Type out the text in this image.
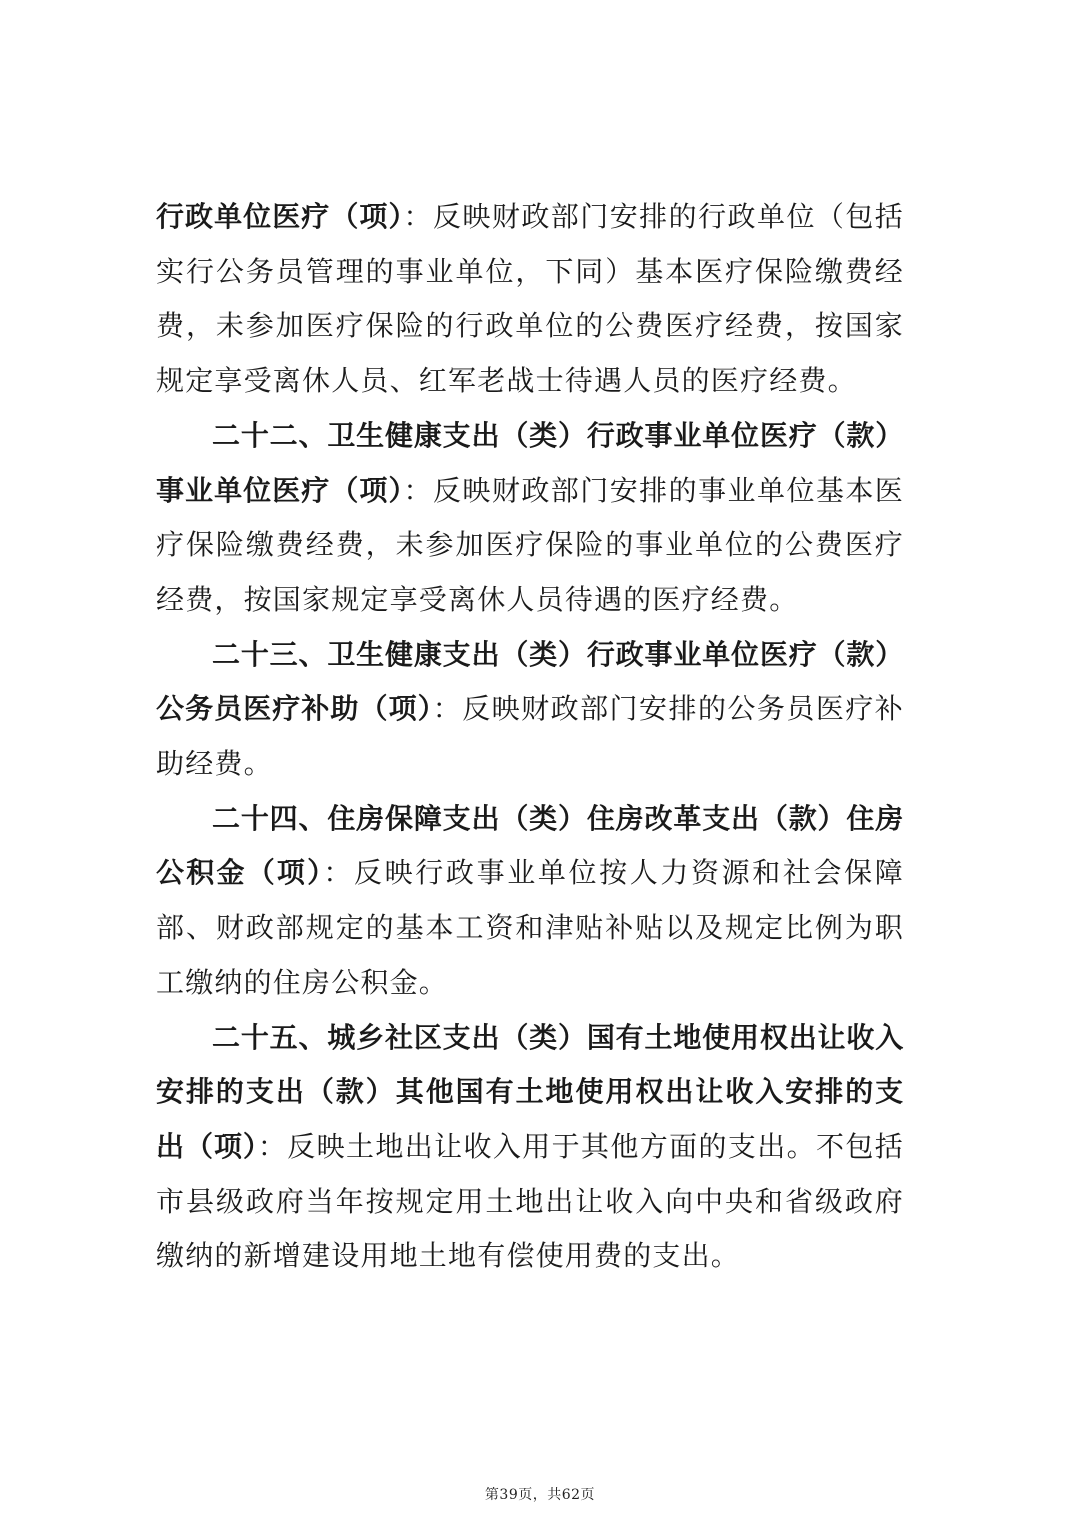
行政单位医疗（项）：反映财政部门安排的行政单位（包括实行公务员管理的事业单位，下同）基本医疗保险缴费经费，未参加医疗保险的行政单位的公费医疗经费，按国家规定享受离休人员、红军老战士待遇人员的医疗经费。

二十二、卫生健康支出（类）行政事业单位医疗（款）事业单位医疗（项）：反映财政部门安排的事业单位基本医疗保险缴费经费，未参加医疗保险的事业单位的公费医疗经费，按国家规定享受离休人员待遇的医疗经费。

二十三、卫生健康支出（类）行政事业单位医疗（款）公务员医疗补助（项）：反映财政部门安排的公务员医疗补助经费。

二十四、住房保障支出（类）住房改革支出（款）住房公积金（项）：反映行政事业单位按人力资源和社会保障部、财政部规定的基本工资和津贴补贴以及规定比例为职工缴纳的住房公积金。

二十五、城乡社区支出（类）国有土地使用权出让收入安排的支出（款）其他国有土地使用权出让收入安排的支出（项）：反映土地出让收入用于其他方面的支出。不包括市县级政府当年按规定用土地出让收入向中央和省级政府缴纳的新增建设用地土地有偿使用费的支出。

第39页，共62页
